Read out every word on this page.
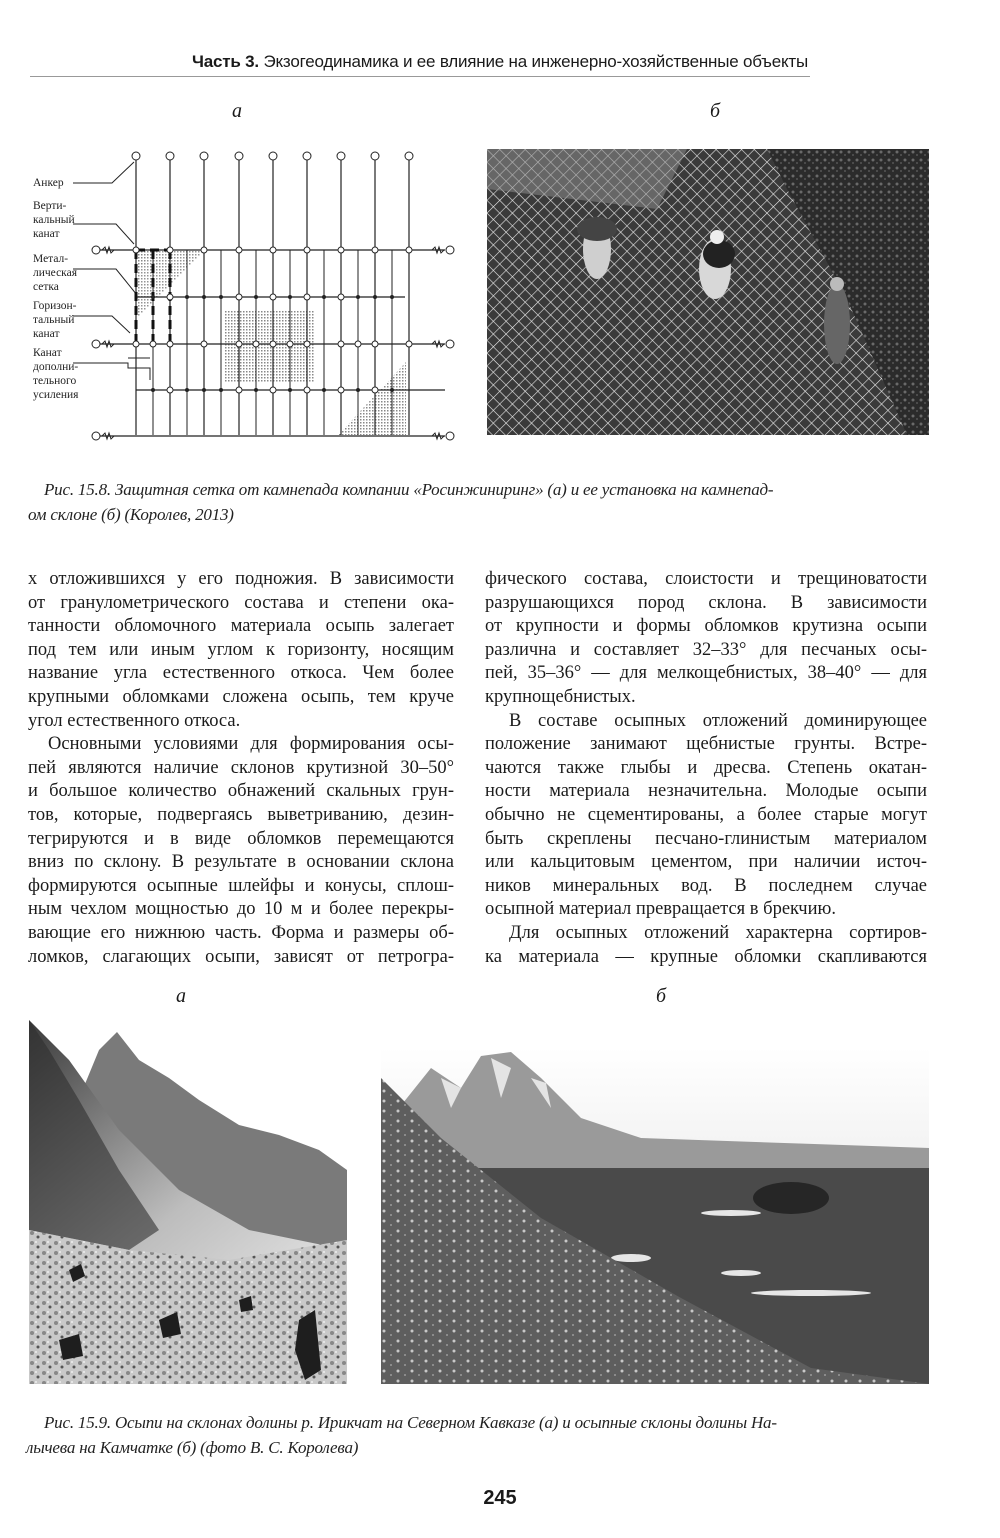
Часть 3. Экзогеодинамика и ее влияние на инженерно-хозяйственные объекты
а	б
Анкер
Верти-
кальный
канат
Метал-
лическая
сетка
Горизон-
тальный
канат
Канат
дополни-
тельного
усиления
Рис. 15.8. Защитная сетка от камнепада компании «Росинжиниринг» (а) и ее установка на камнепад-
ом склоне (б) (Королев, 2013)

х отложившихся у его подножия. В зависимости
от гранулометрического состава и степени ока-
танности обломочного материала осыпь залегает
под тем или иным углом к горизонту, носящим
название угла естественного откоса. Чем более
крупными обломками сложена осыпь, тем круче
угол естественного откоса.

Основными условиями для формирования осы-
пей являются наличие склонов крутизной 30–50°
и большое количество обнажений скальных грун-
тов, которые, подвергаясь выветриванию, дезин-
тегрируются и в виде обломков перемещаются
вниз по склону. В результате в основании склона
формируются осыпные шлейфы и конусы, сплош-
ным чехлом мощностью до 10 м и более перекры-
вающие его нижнюю часть. Форма и размеры об-
ломков, слагающих осыпи, зависят от петрогра-

фического состава, слоистости и трещиноватости
разрушающихся пород склона. В зависимости
от крупности и формы обломков крутизна осыпи
различна и составляет 32–33° для песчаных осы-
пей, 35–36° — для мелкощебнистых, 38–40° — для
крупнощебнистых.

В составе осыпных отложений доминирующее
положение занимают щебнистые грунты. Встре-
чаются также глыбы и дресва. Степень окатан-
ности материала незначительна. Молодые осыпи
обычно не сцементированы, а более старые могут
быть скреплены песчано-глинистым материалом
или кальцитовым цементом, при наличии источ-
ников минеральных вод. В последнем случае
осыпной материал превращается в брекчию.

Для осыпных отложений характерна сортиров-
ка материала — крупные обломки скапливаются

а	б
Рис. 15.9. Осыпи на склонах долины р. Ирикчат на Северном Кавказе (а) и осыпные склоны долины На-
лычева на Камчатке (б) (фото В. С. Королева)
245
